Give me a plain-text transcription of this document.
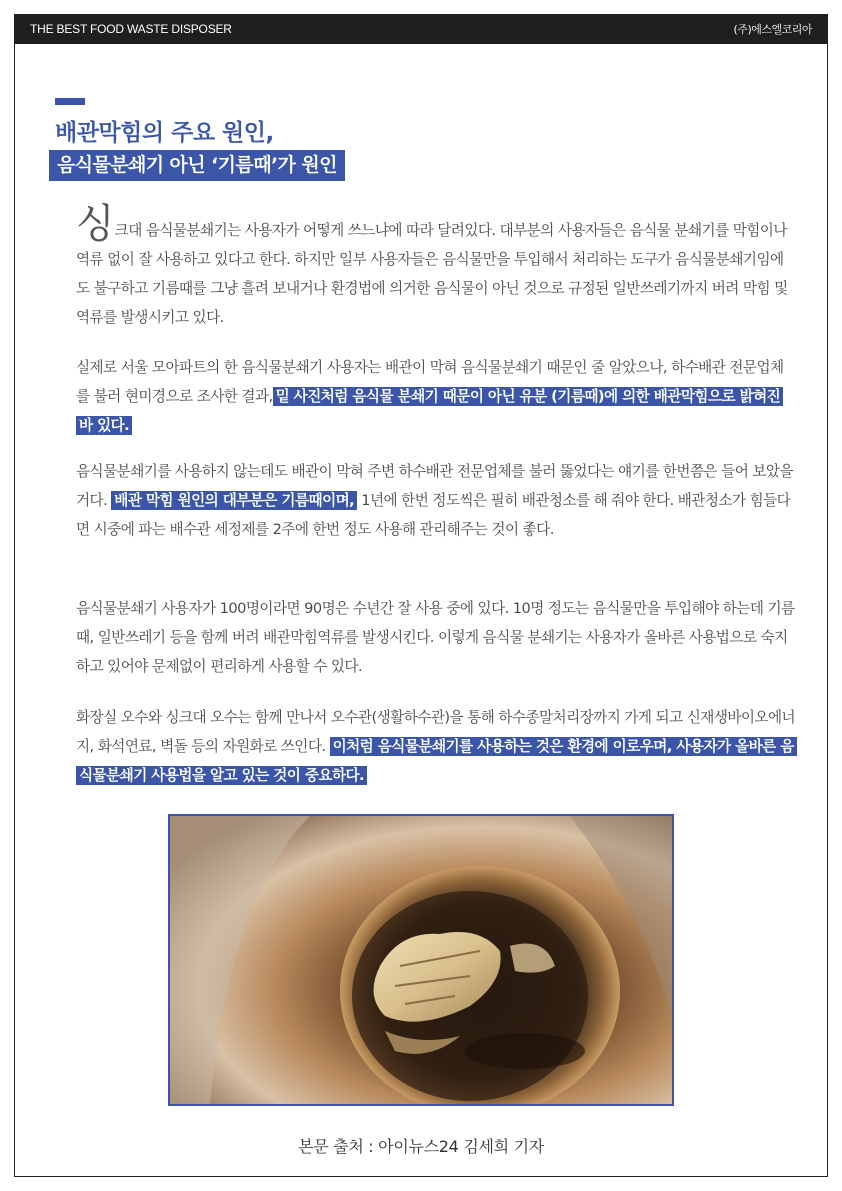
THE BEST FOOD WASTE DISPOSER	(주)에스엘코리아
배관막힘의 주요 원인,
음식물분쇄기 아닌 ‘기름때’가 원인

싱크대 음식물분쇄기는 사용자가 어떻게 쓰느냐에 따라 달려있다. 대부분의 사용자들은 음식물 분쇄기를 막힘이나 역류 없이 잘 사용하고 있다고 한다. 하지만 일부 사용자들은 음식물만을 투입해서 처리하는 도구가 음식물분쇄기임에도 불구하고 기름때를 그냥 흘려 보내거나 환경법에 의거한 음식물이 아닌 것으로 규정된 일반쓰레기까지 버려 막힘 및 역류를 발생시키고 있다.

실제로 서울 모아파트의 한 음식물분쇄기 사용자는 배관이 막혀 음식물분쇄기 때문인 줄 알았으나, 하수배관 전문업체를 불러 현미경으로 조사한 결과, 밑 사진처럼 음식물 분쇄기 때문이 아닌 유분 (기름때)에 의한 배관막힘으로 밝혀진 바 있다.

음식물분쇄기를 사용하지 않는데도 배관이 막혀 주변 하수배관 전문업체를 불러 뚫었다는 얘기를 한번쯤은 들어 보았을 거다. 배관 막힘 원인의 대부분은 기름때이며, 1년에 한번 정도씩은 필히 배관청소를 해 줘야 한다. 배관청소가 힘들다면 시중에 파는 배수관 세정제를 2주에 한번 정도 사용해 관리해주는 것이 좋다.

음식물분쇄기 사용자가 100명이라면 90명은 수년간 잘 사용 중에 있다. 10명 정도는 음식물만을 투입해야 하는데 기름때, 일반쓰레기 등을 함께 버려 배관막힘역류를 발생시킨다. 이렇게 음식물 분쇄기는 사용자가 올바른 사용법으로 숙지하고 있어야 문제없이 편리하게 사용할 수 있다.

화장실 오수와 싱크대 오수는 함께 만나서 오수관(생활하수관)을 통해 하수종말처리장까지 가게 되고 신재생바이오에너지, 화석연료, 벽돌 등의 자원화로 쓰인다. 이처럼 음식물분쇄기를 사용하는 것은 환경에 이로우며, 사용자가 올바른 음식물분쇄기 사용법을 알고 있는 것이 중요하다.

본문 출처 : 아이뉴스24 김세희 기자
